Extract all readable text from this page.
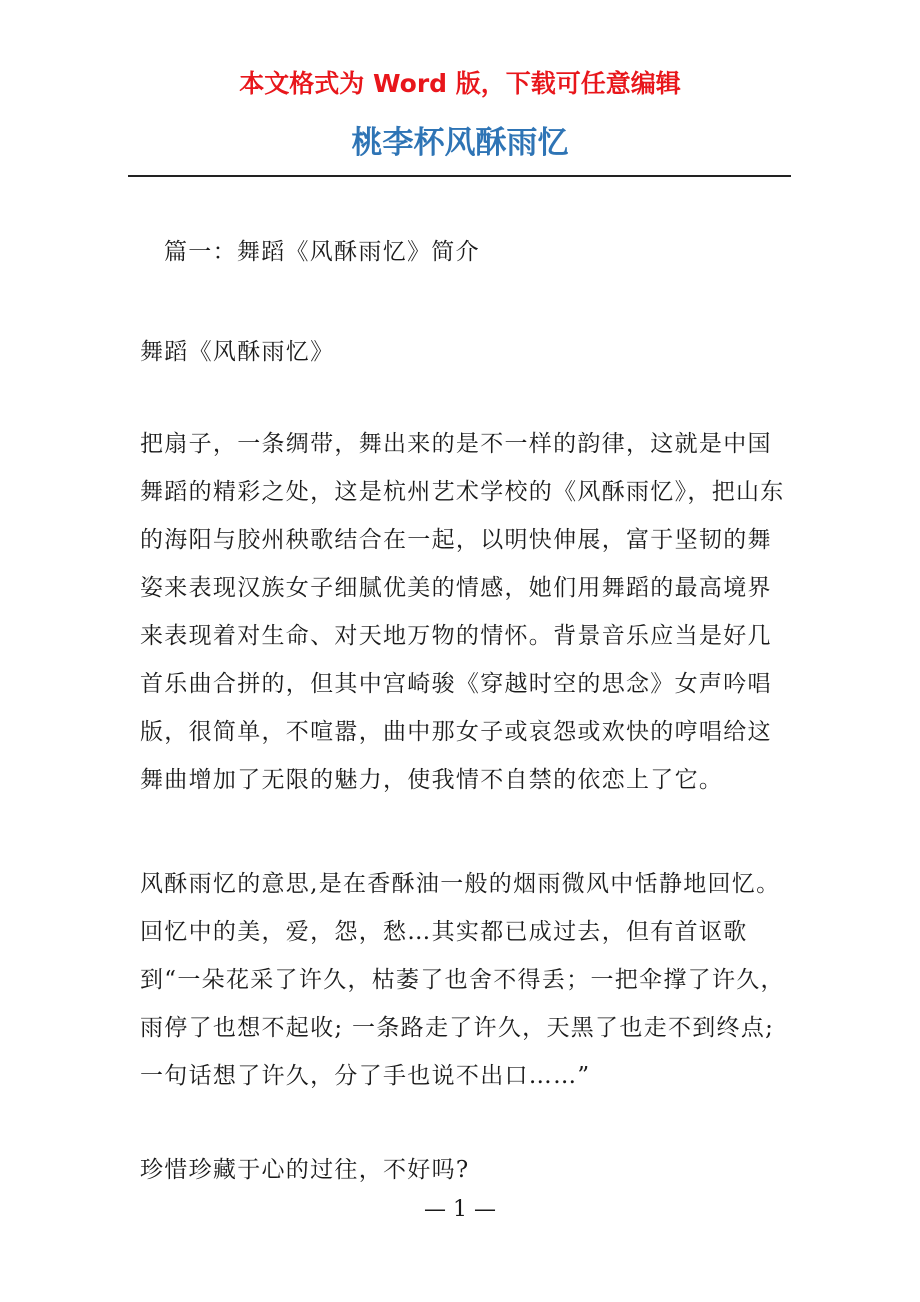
本文格式为 Word 版，下载可任意编辑
桃李杯风酥雨忆

篇一：舞蹈《风酥雨忆》简介

舞蹈《风酥雨忆》

把扇子，一条绸带，舞出来的是不一样的韵律，这就是中国舞蹈的精彩之处，这是杭州艺术学校的《风酥雨忆》，把山东的海阳与胶州秧歌结合在一起，以明快伸展，富于坚韧的舞姿来表现汉族女子细腻优美的情感，她们用舞蹈的最高境界来表现着对生命、对天地万物的情怀。背景音乐应当是好几首乐曲合拼的，但其中宫崎骏《穿越时空的思念》女声吟唱版，很简单，不喧嚣，曲中那女子或哀怨或欢快的哼唱给这舞曲增加了无限的魅力，使我情不自禁的依恋上了它。

风酥雨忆的意思,是在香酥油一般的烟雨微风中恬静地回忆。回忆中的美，爱，怨，愁…其实都已成过去，但有首讴歌到“一朵花采了许久，枯萎了也舍不得丢；一把伞撑了许久，雨停了也想不起收; 一条路走了许久，天黑了也走不到终点; 一句话想了许久，分了手也说不出口……”

珍惜珍藏于心的过往，不好吗?

— 1 —
